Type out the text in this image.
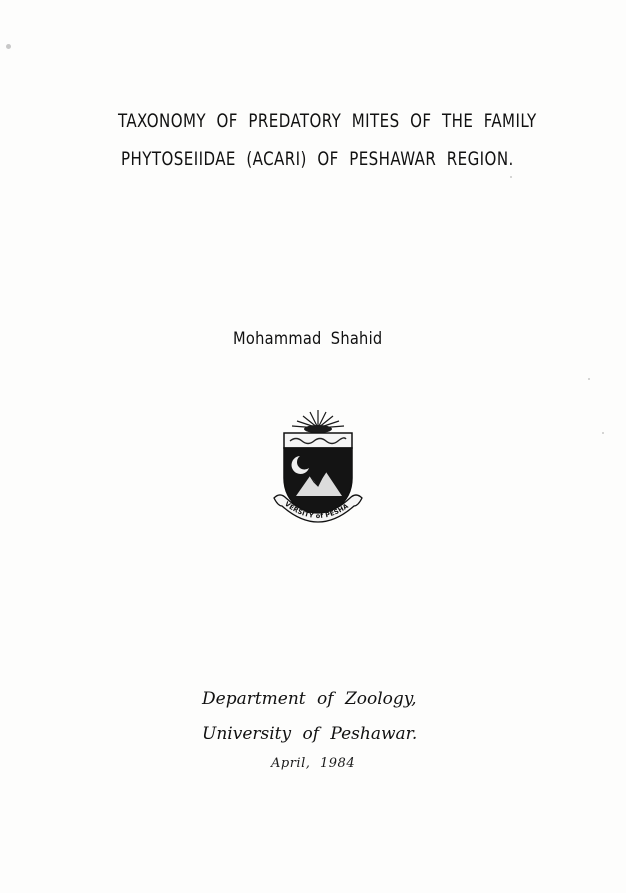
TAXONOMY OF PREDATORY MITES OF THE FAMILY
PHYTOSEIIDAE (ACARI) OF PESHAWAR REGION.
Mohammad Shahid
VERSITY of PESHA
Department of Zoology,
University of Peshawar.
April, 1984
